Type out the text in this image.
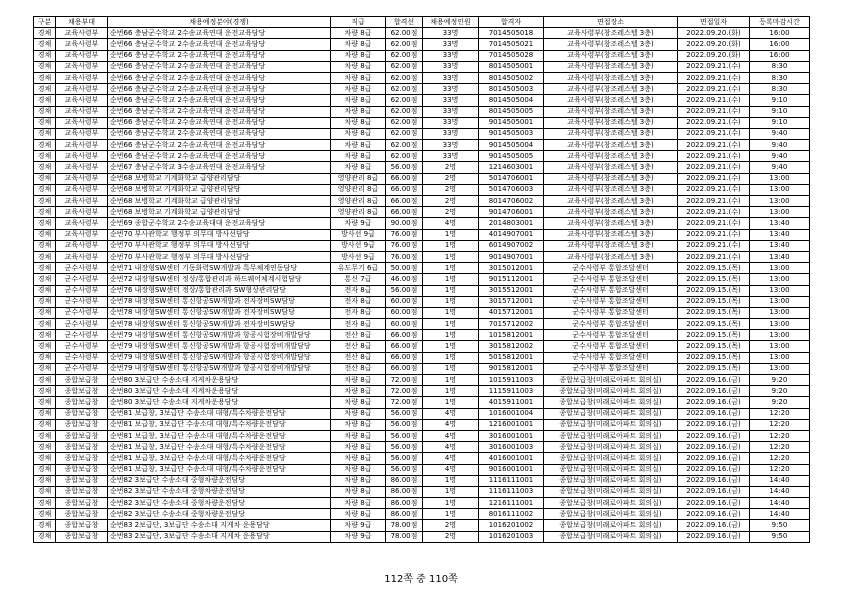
구분	채용부대	채용예정분야(경쟁)	직급	합격선	채용예정인원	합격자	면접장소	면접일자	등록마감시간
경채	교육사령부	순번66 충남군수학교 2수송교육연대 운전교육담당	차량 8급	62.00점	33명	7014505018	교육사령부(창조레스텔 3층)	2022.09.20.(화)	16:00
경채	교육사령부	순번66 충남군수학교 2수송교육연대 운전교육담당	차량 8급	62.00점	33명	7014505021	교육사령부(창조레스텔 3층)	2022.09.20.(화)	16:00
경채	교육사령부	순번66 충남군수학교 2수송교육연대 운전교육담당	차량 8급	62.00점	33명	7014505028	교육사령부(창조레스텔 3층)	2022.09.20.(화)	16:00
경채	교육사령부	순번66 충남군수학교 2수송교육연대 운전교육담당	차량 8급	62.00점	33명	8014505001	교육사령부(창조레스텔 3층)	2022.09.21.(수)	8:30
경채	교육사령부	순번66 충남군수학교 2수송교육연대 운전교육담당	차량 8급	62.00점	33명	8014505002	교육사령부(창조레스텔 3층)	2022.09.21.(수)	8:30
경채	교육사령부	순번66 충남군수학교 2수송교육연대 운전교육담당	차량 8급	62.00점	33명	8014505003	교육사령부(창조레스텔 3층)	2022.09.21.(수)	8:30
경채	교육사령부	순번66 충남군수학교 2수송교육연대 운전교육담당	차량 8급	62.00점	33명	8014505004	교육사령부(창조레스텔 3층)	2022.09.21.(수)	9:10
경채	교육사령부	순번66 충남군수학교 2수송교육연대 운전교육담당	차량 8급	62.00점	33명	8014505005	교육사령부(창조레스텔 3층)	2022.09.21.(수)	9:10
경채	교육사령부	순번66 충남군수학교 2수송교육연대 운전교육담당	차량 8급	62.00점	33명	9014505001	교육사령부(창조레스텔 3층)	2022.09.21.(수)	9:10
경채	교육사령부	순번66 충남군수학교 2수송교육연대 운전교육담당	차량 8급	62.00점	33명	9014505003	교육사령부(창조레스텔 3층)	2022.09.21.(수)	9:40
경채	교육사령부	순번66 충남군수학교 2수송교육연대 운전교육담당	차량 8급	62.00점	33명	9014505004	교육사령부(창조레스텔 3층)	2022.09.21.(수)	9:40
경채	교육사령부	순번66 충남군수학교 2수송교육연대 운전교육담당	차량 8급	62.00점	33명	9014505005	교육사령부(창조레스텔 3층)	2022.09.21.(수)	9:40
경채	교육사령부	순번67 충남군수학교 3수송교육연대 운전교육담당	차량 8급	56.00점	2명	1214603001	교육사령부(창조레스텔 3층)	2022.09.21.(수)	9:40
경채	교육사령부	순번68 보병학교 기계화학교 급양관리담당	영양관리 8급	66.00점	2명	5014706001	교육사령부(창조레스텔 3층)	2022.09.21.(수)	13:00
경채	교육사령부	순번68 보병학교 기계화학교 급양관리담당	영양관리 8급	66.00점	2명	5014706003	교육사령부(창조레스텔 3층)	2022.09.21.(수)	13:00
경채	교육사령부	순번68 보병학교 기계화학교 급양관리담당	영양관리 8급	66.00점	2명	8014706002	교육사령부(창조레스텔 3층)	2022.09.21.(수)	13:00
경채	교육사령부	순번68 보병학교 기계화학교 급양관리담당	영양관리 8급	66.00점	2명	9014706001	교육사령부(창조레스텔 3층)	2022.09.21.(수)	13:00
경채	교육사령부	순번69 종합군수학교 2수송교육대대 운전교육담당	차량 9급	90.00점	4명	2014803001	교육사령부(창조레스텔 3층)	2022.09.21.(수)	13:40
경채	교육사령부	순번70 부사관학교 행정부 의무대 방사선담당	방사선 9급	76.00점	1명	4014907001	교육사령부(창조레스텔 3층)	2022.09.21.(수)	13:40
경채	교육사령부	순번70 부사관학교 행정부 의무대 방사선담당	방사선 9급	76.00점	1명	6014907002	교육사령부(창조레스텔 3층)	2022.09.21.(수)	13:40
경채	교육사령부	순번70 부사관학교 행정부 의무대 방사선담당	방사선 9급	76.00점	1명	9014907001	교육사령부(창조레스텔 3층)	2022.09.21.(수)	13:40
경채	군수사령부	순번71 내장형SW센터 기동화력SW개발과 특무체계연동담당	유도무기 6급	50.00점	1명	3015012001	군수사령부 통합조달센터	2022.09.15.(목)	13:00
경채	군수사령부	순번72 내장형SW센터 정상/통합관리과 하드웨어체계시험담당	통신 7급	46.00점	1명	9015112001	군수사령부 통합조달센터	2022.09.15.(목)	13:00
경채	군수사령부	순번76 내장형SW센터 정상/통합관리과 SW형상관리담당	전자 8급	56.00점	1명	3015512001	군수사령부 통합조달센터	2022.09.15.(목)	13:00
경채	군수사령부	순번78 내장형SW센터 통신항공SW개발과 전자장비SW담당	전자 8급	60.00점	1명	3015712001	군수사령부 통합조달센터	2022.09.15.(목)	13:00
경채	군수사령부	순번78 내장형SW센터 통신항공SW개발과 전자장비SW담당	전자 8급	60.00점	1명	4015712001	군수사령부 통합조달센터	2022.09.15.(목)	13:00
경채	군수사령부	순번78 내장형SW센터 통신항공SW개발과 전자장비SW담당	전자 8급	60.00점	1명	7015712002	군수사령부 통합조달센터	2022.09.15.(목)	13:00
경채	군수사령부	순번79 내장형SW센터 통신항공SW개발과 항공시험장비개발담당	전산 8급	66.00점	1명	1015812001	군수사령부 통합조달센터	2022.09.15.(목)	13:00
경채	군수사령부	순번79 내장형SW센터 통신항공SW개발과 항공시험장비개발담당	전산 8급	66.00점	1명	3015812002	군수사령부 통합조달센터	2022.09.15.(목)	13:00
경채	군수사령부	순번79 내장형SW센터 통신항공SW개발과 항공시험장비개발담당	전산 8급	66.00점	1명	5015812001	군수사령부 통합조달센터	2022.09.15.(목)	13:00
경채	군수사령부	순번79 내장형SW센터 통신항공SW개발과 항공시험장비개발담당	전산 8급	66.00점	1명	9015812001	군수사령부 통합조달센터	2022.09.15.(목)	13:00
경채	종합보급창	순번80 3보급단 수송소대 지게차운용담당	차량 8급	72.00점	1명	1015911003	종합보급창(미래로아파트 회의실)	2022.09.16.(금)	9:20
경채	종합보급창	순번80 3보급단 수송소대 지게차운용담당	차량 8급	72.00점	1명	1115911003	종합보급창(미래로아파트 회의실)	2022.09.16.(금)	9:20
경채	종합보급창	순번80 3보급단 수송소대 지게차운용담당	차량 8급	72.00점	1명	4015911001	종합보급창(미래로아파트 회의실)	2022.09.16.(금)	9:20
경채	종합보급창	순번81 보급창, 3보급단 수송소대 대형/특수차량운전담당	차량 8급	56.00점	4명	1016001004	종합보급창(미래로아파트 회의실)	2022.09.16.(금)	12:20
경채	종합보급창	순번81 보급창, 3보급단 수송소대 대형/특수차량운전담당	차량 8급	56.00점	4명	1216001001	종합보급창(미래로아파트 회의실)	2022.09.16.(금)	12:20
경채	종합보급창	순번81 보급창, 3보급단 수송소대 대형/특수차량운전담당	차량 8급	56.00점	4명	3016001001	종합보급창(미래로아파트 회의실)	2022.09.16.(금)	12:20
경채	종합보급창	순번81 보급창, 3보급단 수송소대 대형/특수차량운전담당	차량 8급	56.00점	4명	3016001003	종합보급창(미래로아파트 회의실)	2022.09.16.(금)	12:20
경채	종합보급창	순번81 보급창, 3보급단 수송소대 대형/특수차량운전담당	차량 8급	56.00점	4명	4016001001	종합보급창(미래로아파트 회의실)	2022.09.16.(금)	12:20
경채	종합보급창	순번81 보급창, 3보급단 수송소대 대형/특수차량운전담당	차량 8급	56.00점	4명	9016001001	종합보급창(미래로아파트 회의실)	2022.09.16.(금)	12:20
경채	종합보급창	순번82 3보급단 수송소대 중형차량운전담당	차량 8급	86.00점	1명	1116111001	종합보급창(미래로아파트 회의실)	2022.09.16.(금)	14:40
경채	종합보급창	순번82 3보급단 수송소대 중형차량운전담당	차량 8급	86.00점	1명	1116111003	종합보급창(미래로아파트 회의실)	2022.09.16.(금)	14:40
경채	종합보급창	순번82 3보급단 수송소대 중형차량운전담당	차량 8급	86.00점	1명	1216111001	종합보급창(미래로아파트 회의실)	2022.09.16.(금)	14:40
경채	종합보급창	순번82 3보급단 수송소대 중형차량운전담당	차량 8급	86.00점	1명	8016111002	종합보급창(미래로아파트 회의실)	2022.09.16.(금)	14:40
경채	종합보급창	순번83 2보급단, 3보급단 수송소대 지게차 운용담당	차량 9급	78.00점	2명	1016201002	종합보급창(미래로아파트 회의실)	2022.09.16.(금)	9:50
경채	종합보급창	순번83 2보급단, 3보급단 수송소대 지게차 운용담당	차량 9급	78.00점	2명	1016201003	종합보급창(미래로아파트 회의실)	2022.09.16.(금)	9:50
112쪽 중 110쪽
